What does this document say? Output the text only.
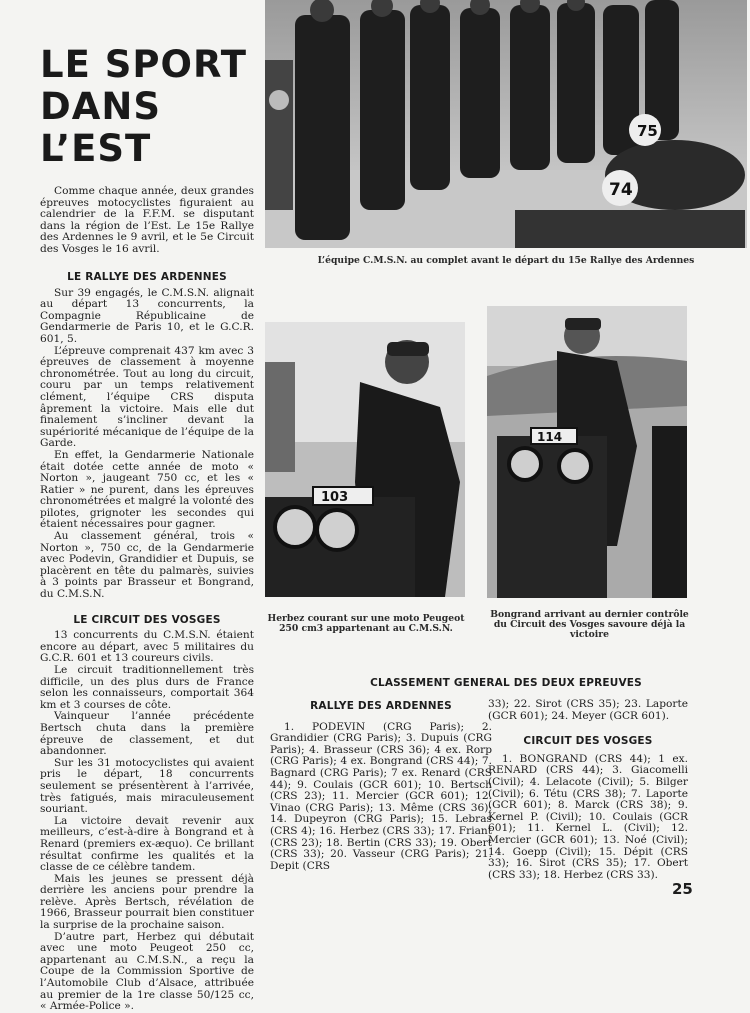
LE SPORT
DANS
L’EST

Comme chaque année, deux grandes épreuves motocyclistes figuraient au calendrier de la F.F.M. se disputant dans la région de l’Est. Le 15e Rallye des Ardennes le 9 avril, et le 5e Circuit des Vosges le 16 avril.

LE RALLYE DES ARDENNES

Sur 39 engagés, le C.M.S.N. alignait au départ 13 concurrents, la Compagnie Républicaine de Gendarmerie de Paris 10, et le G.C.R. 601, 5.

L’épreuve comprenait 437 km avec 3 épreuves de classement à moyenne chronométrée. Tout au long du circuit, couru par un temps relativement clément, l’équipe CRS disputa âprement la victoire. Mais elle dut finalement s’incliner devant la supériorité mécanique de l’équipe de la Garde.

En effet, la Gendarmerie Nationale était dotée cette année de moto « Norton », jaugeant 750 cc, et les « Ratier » ne purent, dans les épreuves chronométrées et malgré la volonté des pilotes, grignoter les secondes qui étaient nécessaires pour gagner.

Au classement général, trois « Norton », 750 cc, de la Gendarmerie avec Podevin, Grandidier et Dupuis, se placèrent en tête du palmarès, suivies à 3 points par Brasseur et Bongrand, du C.M.S.N.

LE CIRCUIT DES VOSGES

13 concurrents du C.M.S.N. étaient encore au départ, avec 5 militaires du G.C.R. 601 et 13 coureurs civils.

Le circuit traditionnellement très difficile, un des plus durs de France selon les connaisseurs, comportait 364 km et 3 courses de côte.

Vainqueur l’année précédente Bertsch chuta dans la première épreuve de classement, et dut abandonner.

Sur les 31 motocyclistes qui avaient pris le départ, 18 concurrents seulement se présentèrent à l’arrivée, très fatigués, mais miraculeusement souriant.

La victoire devait revenir aux meilleurs, c’est-à-dire à Bongrand et à Renard (premiers ex-æquo). Ce brillant résultat confirme les qualités et la classe de ce célèbre tandem.

Mais les jeunes se pressent déjà derrière les anciens pour prendre la relève. Après Bertsch, révélation de 1966, Brasseur pourrait bien constituer la surprise de la prochaine saison.

D’autre part, Herbez qui débutait avec une moto Peugeot 250 cc, appartenant au C.M.S.N., a reçu la Coupe de la Commission Sportive de l’Automobile Club d’Alsace, attribuée au premier de la 1re classe 50/125 cc, « Armée-Police ».

75
74
L’équipe C.M.S.N. au complet avant le départ du 15e Rallye des Ardennes
103
Herbez courant sur une moto Peugeot 250 cm3 appartenant au C.M.S.N.
114
Bongrand arrivant au dernier contrôle du Circuit des Vosges savoure déjà la victoire
CLASSEMENT GENERAL DES DEUX EPREUVES
RALLYE DES ARDENNES

1. PODEVIN (CRG Paris); 2. Grandidier (CRG Paris); 3. Dupuis (CRG Paris); 4. Brasseur (CRS 36); 4 ex. Rorp (CRG Paris); 4 ex. Bongrand (CRS 44); 7. Bagnard (CRG Paris); 7 ex. Renard (CRS 44); 9. Coulais (GCR 601); 10. Bertsch (CRS 23); 11. Mercier (GCR 601); 12. Vinao (CRG Paris); 13. Même (CRS 36); 14. Dupeyron (CRG Paris); 15. Lebras (CRS 4); 16. Herbez (CRS 33); 17. Friant (CRS 23); 18. Bertin (CRS 33); 19. Obert (CRS 33); 20. Vasseur (CRG Paris); 21. Depit (CRS

33); 22. Sirot (CRS 35); 23. Laporte (GCR 601); 24. Meyer (GCR 601).

CIRCUIT DES VOSGES

1. BONGRAND (CRS 44); 1 ex. RENARD (CRS 44); 3. Giacomelli (Civil); 4. Lelacote (Civil); 5. Bilger (Civil); 6. Tétu (CRS 38); 7. Laporte (GCR 601); 8. Marck (CRS 38); 9. Kernel P. (Civil); 10. Coulais (GCR 601); 11. Kernel L. (Civil); 12. Mercier (GCR 601); 13. Noé (Civil); 14. Goepp (Civil); 15. Dépit (CRS 33); 16. Sirot (CRS 35); 17. Obert (CRS 33); 18. Herbez (CRS 33).

25
